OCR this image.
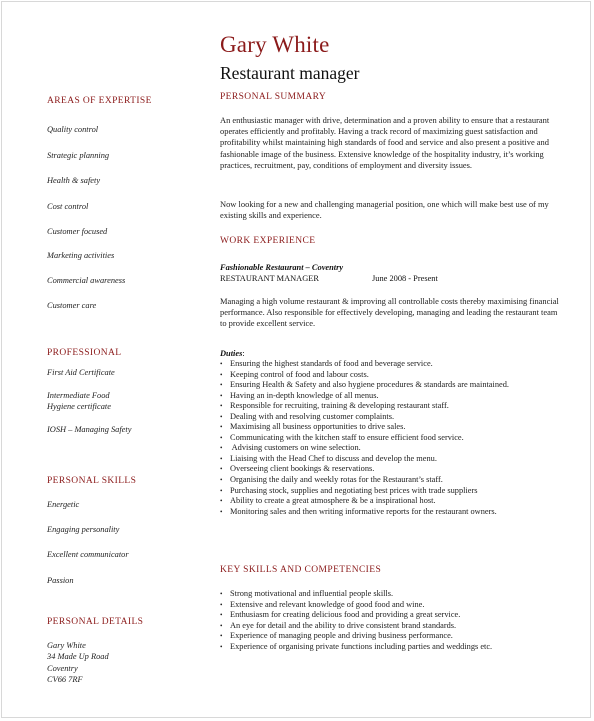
Gary White
Restaurant manager
AREAS OF EXPERTISE
Quality control
Strategic planning
Health & safety
Cost control
Customer focused
Marketing activities
Commercial awareness
Customer care
PROFESSIONAL
First Aid Certificate
Intermediate Food
Hygiene certificate
IOSH – Managing Safety
PERSONAL SKILLS
Energetic
Engaging personality
Excellent communicator
Passion
PERSONAL DETAILS
Gary White
34 Made Up Road
Coventry
CV66 7RF
PERSONAL SUMMARY
An enthusiastic manager with drive, determination and a proven ability to ensure that a restaurant operates efficiently and profitably. Having a track record of maximizing guest satisfaction and profitability whilst maintaining high standards of food and service and also present a positive and fashionable image of the business. Extensive knowledge of the hospitality industry, it’s working practices, recruitment, pay, conditions of employment and diversity issues.
Now looking for a new and challenging managerial position, one which will make best use of my existing skills and experience.
WORK EXPERIENCE
Fashionable Restaurant – Coventry
RESTAURANT MANAGER	June 2008 - Present
Managing a high volume restaurant & improving all controllable costs thereby maximising financial performance. Also responsible for effectively developing, managing and leading the restaurant team to provide excellent service.
Duties:
• Ensuring the highest standards of food and beverage service.
• Keeping control of food and labour costs.
• Ensuring Health & Safety and also hygiene procedures & standards are maintained.
• Having an in-depth knowledge of all menus.
• Responsible for recruiting, training & developing restaurant staff.
• Dealing with and resolving customer complaints.
• Maximising all business opportunities to drive sales.
• Communicating with the kitchen staff to ensure efficient food service.
• Advising customers on wine selection.
• Liaising with the Head Chef to discuss and develop the menu.
• Overseeing client bookings & reservations.
• Organising the daily and weekly rotas for the Restaurant’s staff.
• Purchasing stock, supplies and negotiating best prices with trade suppliers
• Ability to create a great atmosphere & be a inspirational host.
• Monitoring sales and then writing informative reports for the restaurant owners.
KEY SKILLS AND COMPETENCIES
• Strong motivational and influential people skills.
• Extensive and relevant knowledge of good food and wine.
• Enthusiasm for creating delicious food and providing a great service.
• An eye for detail and the ability to drive consistent brand standards.
• Experience of managing people and driving business performance.
• Experience of organising private functions including parties and weddings etc.
